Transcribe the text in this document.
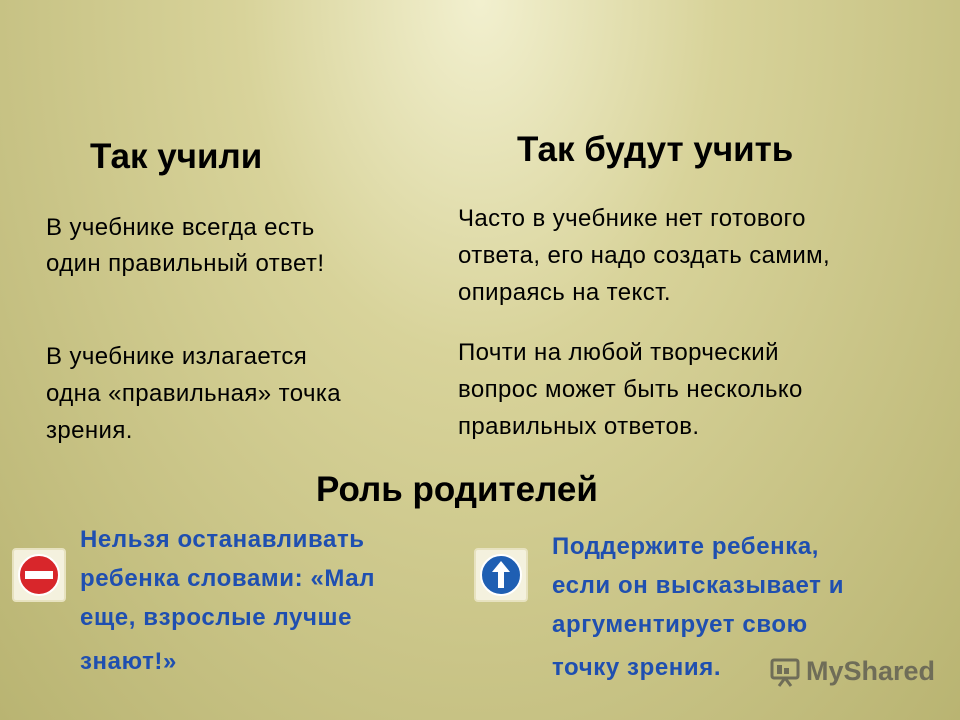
Так учили
В учебнике всегда есть
один правильный ответ!
В учебнике излагается
одна «правильная» точка
зрения.
Так будут учить
Часто в учебнике нет готового
ответа, его надо создать самим,
опираясь на текст.
Почти на любой творческий
вопрос может быть несколько
правильных ответов.
Роль родителей
Нельзя останавливать
ребенка словами: «Мал
еще, взрослые лучше
знают!»
Поддержите ребенка,
если он высказывает и
аргументирует свою
точку зрения.	MyShared
